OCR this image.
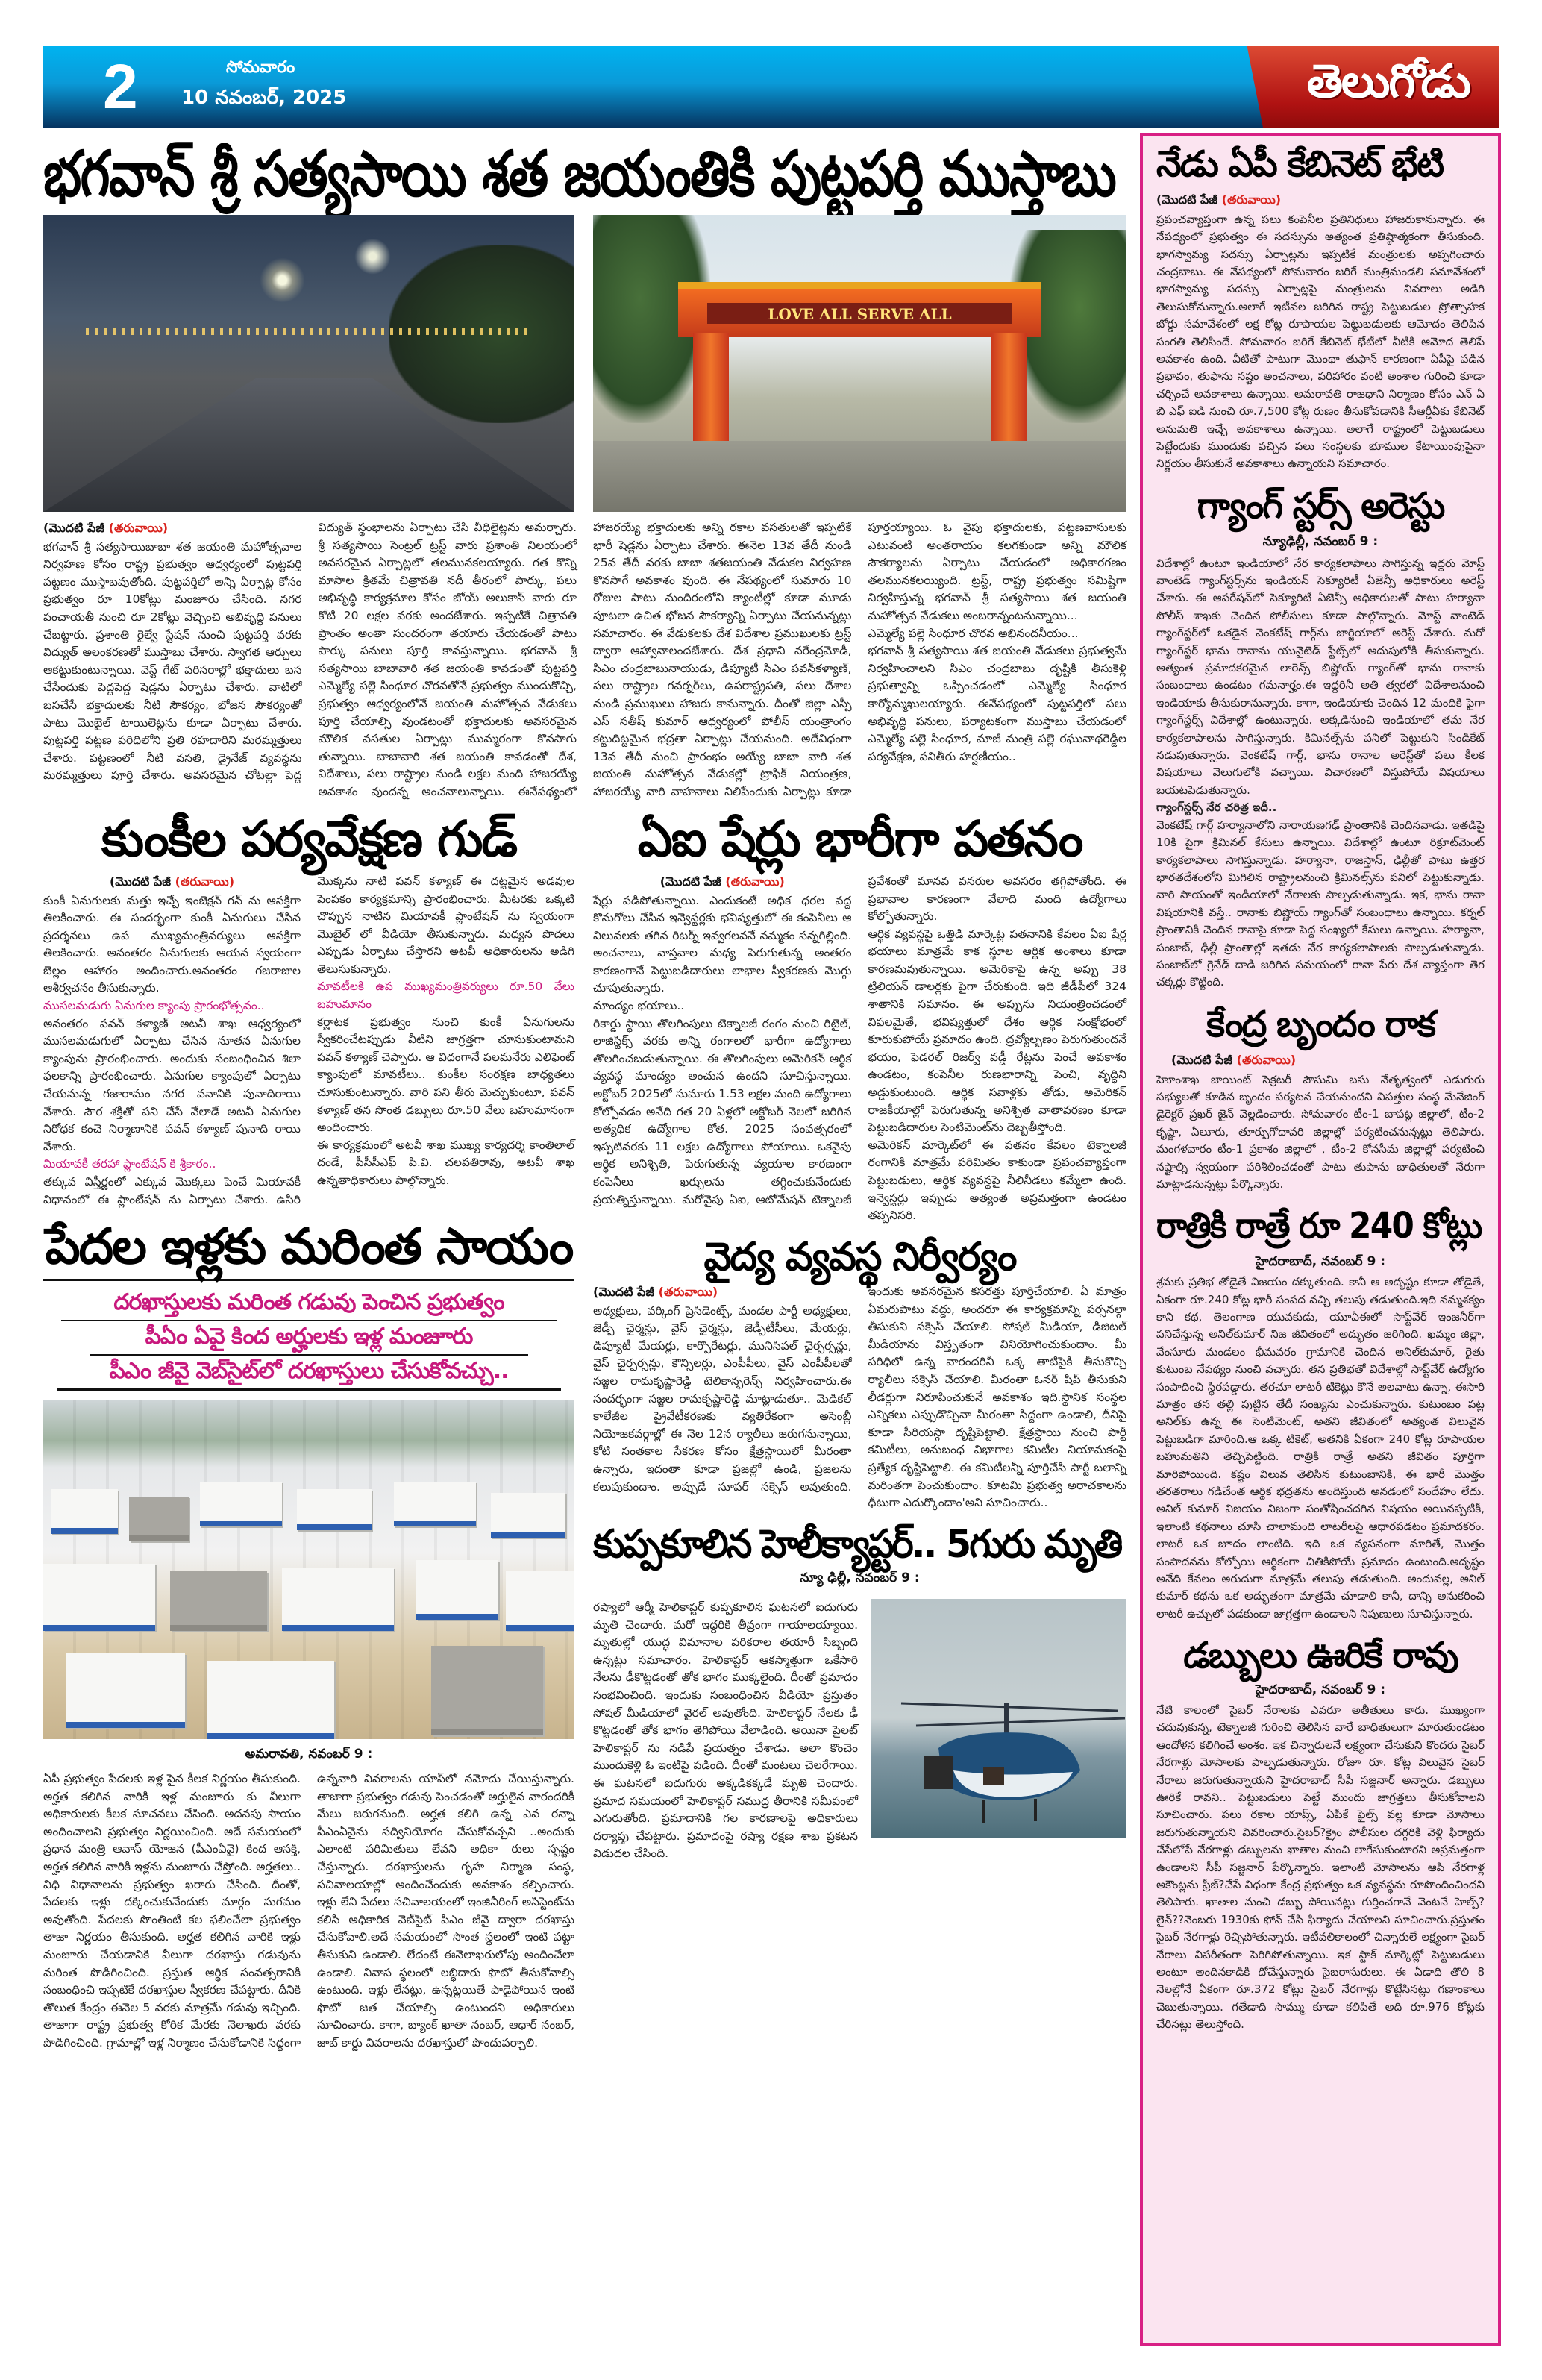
2	సోమవారం
10 నవంబర్, 2025	తెలుగోడు
భగవాన్ శ్రీ సత్యసాయి శత జయంతికి పుట్టపర్తి ముస్తాబు
LOVE ALL SERVE ALL
(మొదటి పేజీ (తరువాయి)

భగవాన్ శ్రీ సత్యసాయిబాబా శత జయంతి మహోత్సవాల నిర్వహణ కోసం రాష్ట్ర ప్రభుత్వం ఆధ్వర్యంలో పుట్టపర్తి పట్టణం ముస్తాబవుతోంది. పుట్టపర్తిలో అన్ని ఏర్పాట్ల కోసం ప్రభుత్వం రూ 10కోట్లు మంజూరు చేసింది. నగర పంచాయతీ నుంచి రూ 2కోట్లు వెచ్చించి అభివృద్ధి పనులు చేబట్టారు. ప్రశాంతి రైల్వే స్టేషన్ నుంచి పుట్టపర్తి వరకు విద్యుత్ అలంకరణతో ముస్తాబు చేశారు. స్వాగత ఆర్చులు ఆకట్టుకుంటున్నాయి. వెస్ట్ గేట్ పరిసరాల్లో భక్తాదులు బస చేసేందుకు పెద్దపెద్ద షెడ్లను ఏర్పాటు చేశారు. వాటిలో బసచేసే భక్తాదులకు నీటి సౌకర్యం, భోజన సౌకర్యంతో పాటు మొబైల్ టాయిలెట్లను కూడా ఏర్పాటు చేశారు. పుట్టపర్తి పట్టణ పరిధిలోని ప్రతి రహదారిని మరమ్మత్తులు చేశారు. పట్టణంలో నీటి వసతి, డ్రైనేజ్ వ్యవస్థను మరమ్మత్తులు పూర్తి చేశారు. అవసరమైన చోటల్లా పెద్ద విద్యుత్ స్థంభాలను ఏర్పాటు చేసి వీధిలైట్లను అమర్చారు. శ్రీ సత్యసాయి సెంట్రల్ ట్రస్ట్ వారు ప్రశాంతి నిలయంలో అవసరమైన ఏర్పాట్లలో తలమునకలయ్యారు. గత కొన్ని మాసాల క్రితమే చిత్రావతి నదీ తీరంలో పార్కు, పలు అభివృద్ధి కార్యక్రమాల కోసం జోయ్ అలుకాస్ వారు రూ కోటి 20 లక్షల వరకు అందజేశారు. ఇప్పటికే చిత్రావతి ప్రాంతం అంతా సుందరంగా తయారు చేయడంతో పాటు పార్కు పనులు పూర్తి కావస్తున్నాయి. భగవాన్ శ్రీ సత్యసాయి బాబావారి శత జయంతి కావడంతో పుట్టపర్తి ఎమ్మెల్యే పల్లె సింధూర చొరవతోనే ప్రభుత్వం ముందుకొచ్చి, ప్రభుత్వం ఆధ్వర్యంలోనే జయంతి మహోత్సవ వేడుకలు పూర్తి చేయాల్సి వుండటంతో భక్తాదులకు అవసరమైన మౌలిక వసతుల ఏర్పాట్లు ముమ్మరంగా కొనసాగు తున్నాయి. బాబావారి శత జయంతి కావడంతో దేశ, విదేశాలు, పలు రాష్ట్రాల నుండి లక్షల మంది హాజరయ్యే అవకాశం వుందన్న అంచనాలున్నాయి. ఈనేపథ్యంలో హాజరయ్యే భక్తాదులకు అన్ని రకాల వసతులతో ఇప్పటికే భారీ షెడ్లను ఏర్పాటు చేశారు. ఈనెల 13వ తేదీ నుండి 25వ తేదీ వరకు బాబా శతజయంతి వేడుకల నిర్వహణ కొనసాగే అవకాశం వుంది. ఈ నేపథ్యంలో సుమారు 10 రోజుల పాటు మందిరంలోని క్యాంటీల్లో కూడా మూడు పూటలా ఉచిత భోజన సౌకర్యాన్ని ఏర్పాటు చేయనున్నట్లు సమాచారం. ఈ వేడుకలకు దేశ విదేశాల ప్రముఖులకు ట్రస్ట్ ద్వారా ఆహ్వానాలందజేశారు. దేశ ప్రధాని నరేంద్రమోడీ, సిఎం చంద్రబాబునాయుడు, డిప్యూటీ సిఎం పవన్‌కళ్యాణ్, పలు రాష్ట్రాల గవర్నర్‌లు, ఉపరాష్ట్రపతి, పలు దేశాల నుండి ప్రముఖులు హాజరు కానున్నారు. దీంతో జిల్లా ఎస్పీ ఎస్ సతీష్ కుమార్ ఆధ్వర్యంలో పోలీస్ యంత్రాంగం కట్టుదిట్టమైన భద్రతా ఏర్పాట్లు చేయనుంది. అదేవిధంగా 13వ తేదీ నుంచి ప్రారంభం అయ్యే బాబా వారి శత జయంతి మహోత్సవ వేడుకల్లో ట్రాఫిక్ నియంత్రణ, హాజరయ్యే వారి వాహనాలు నిలిపేందుకు ఏర్పాట్లు కూడా పూర్తయ్యాయి. ఓ వైపు భక్తాదులకు, పట్టణవాసులకు ఎటువంటి అంతరాయం కలగకుండా అన్ని మౌలిక సౌకర్యాలను ఏర్పాటు చేయడంలో అధికారగణం తలమునకలయ్యింది. ట్రస్ట్, రాష్ట్ర ప్రభుత్వం సమిష్టిగా నిర్వహిస్తున్న భగవాన్ శ్రీ సత్యసాయి శత జయంతి మహోత్సవ వేడుకలు అంబరాన్నంటనున్నాయి...

ఎమ్మెల్యే పల్లె సింధూర చొరవ అభినందనీయం...

భగవాన్ శ్రీ సత్యసాయి శత జయంతి వేడుకలు ప్రభుత్వమే నిర్వహించాలని సిఎం చంద్రబాబు దృష్టికి తీసుకెళ్లి ప్రభుత్వాన్ని ఒప్పించడంలో ఎమ్మెల్యే సింధూర కార్యోన్ముఖులయ్యారు. ఈనేపథ్యంలో పుట్టపర్తిలో పలు అభివృద్ధి పనులు, పర్యాటకంగా ముస్తాబు చేయడంలో ఎమ్మెల్యే పల్లె సింధూర, మాజీ మంత్రి పల్లె రఘునాథరెడ్డిల పర్యవేక్షణ, పనితీరు హర్షణీయం..

కుంకీల పర్యవేక్షణ గుడ్
(మొదటి పేజీ (తరువాయి)

కుంకీ ఏనుగులకు మత్తు ఇచ్చే ఇంజెక్షన్ గన్ ను ఆసక్తిగా తిలకించారు. ఈ సందర్భంగా కుంకీ ఏనుగులు చేసిన ప్రదర్శనలు ఉప ముఖ్యమంత్రివర్యులు ఆసక్తిగా తిలకించారు. అనంతరం ఏనుగులకు ఆయన స్వయంగా బెల్లం ఆహారం అందించారు.అనంతరం గజరాజుల ఆశీర్వచనం తీసుకున్నారు.

ముసలమడుగు ఏనుగుల క్యాంపు ప్రారంభోత్సవం..

అనంతరం పవన్ కళ్యాణ్ అటవీ శాఖ ఆధ్వర్యంలో ముసలమడుగులో ఏర్పాటు చేసిన నూతన ఏనుగుల క్యాంపును ప్రారంభించారు. అందుకు సంబంధించిన శిలా ఫలకాన్ని ప్రారంభించారు. ఏనుగుల క్యాంపులో ఏర్పాటు చేయనున్న గజారామం నగర వనానికి పునాదిరాయి వేశారు. సౌర శక్తితో పని చేసే వేలాడే అటవీ ఏనుగుల నిరోధక కంచె నిర్మాణానికి పవన్ కళ్యాణ్ పునాది రాయి వేశారు.

మియావకీ తరహా ప్లాంటేషన్ కి శ్రీకారం..

తక్కువ విస్తీర్ణంలో ఎక్కువ మొక్కలు పెంచే మియావకీ విధానంలో ఈ ప్లాంటేషన్ ను ఏర్పాటు చేశారు. ఉసిరి మొక్కను నాటి పవన్ కళ్యాణ్ ఈ దట్టమైన అడవుల పెంపకం కార్యక్రమాన్ని ప్రారంభించారు. మీటరకు ఒక్కటి చొప్పున నాటిన మియావకీ ప్లాంటేషన్ ను స్వయంగా మొబైల్ లో వీడియో తీసుకున్నారు. మధ్యన పొదలు ఎప్పుడు ఏర్పాటు చేస్తారని అటవీ అధికారులను అడిగి తెలుసుకున్నారు.

మావటీలకి ఉప ముఖ్యమంత్రివర్యులు రూ.50 వేలు బహుమానం

కర్ణాటక ప్రభుత్వం నుంచి కుంకీ ఏనుగులను స్వీకరించేటప్పుడు వీటిని జాగ్రత్తగా చూసుకుంటామని పవన్ కళ్యాణ్ చెప్పారు. ఆ విధంగానే పలమనేరు ఎలిఫెంట్ క్యాంపులో మావటీలు.. కుంకీల సంరక్షణ బాధ్యతలు చూసుకుంటున్నారు. వారి పని తీరు మెచ్చుకుంటూ, పవన్ కళ్యాణ్ తన సొంత డబ్బులు రూ.50 వేలు బహుమానంగా అందించారు.

ఈ కార్యక్రమంలో అటవీ శాఖ ముఖ్య కార్యదర్శి కాంతిలాల్ దండే, పీసీసీఎఫ్ పి.వి. చలపతిరావు, అటవీ శాఖ ఉన్నతాధికారులు పాల్గొన్నారు.

పేదల ఇళ్లకు మరింత సాయం
దరఖాస్తులకు మరింత గడువు పెంచిన ప్రభుత్వం
పీఏం ఏవై కింద అర్హులకు ఇళ్ల మంజూరు
పీఎం జీవై వెబ్‌సైట్‌లో దరఖాస్తులు చేసుకోవచ్చు..
అమరావతి, నవంబర్ 9 :

ఏపీ ప్రభుత్వం పేదలకు ఇళ్ల పైన కీలక నిర్ణయం తీసుకుంది. అర్హత కలిగిన వారికి ఇళ్ల మంజూరు కు వీలుగా అధికారులకు కీలక సూచనలు చేసింది. అదనపు సాయం అందించాలని ప్రభుత్వం నిర్ణయించింది. అదే సమయంలో ప్రధాన మంత్రి ఆవాస్ యోజన (పీఎంఏవై) కింద ఆసక్తి, అర్హత కలిగిన వారికి ఇళ్లను మంజూరు చేస్తోంది. అర్హతలు.. విధి విధానాలను ప్రభుత్వం ఖరారు చేసింది. దీంతో, పేదలకు ఇళ్లు దక్కించుకునేందుకు మార్గం సుగమం అవుతోంది. పేదలకు సొంతింటి కల ఫలించేలా ప్రభుత్వం తాజా నిర్ణయం తీసుకుంది. అర్హత కలిగిన వారికి ఇళ్లు మంజూరు చేయడానికి వీలుగా దరఖాస్తు గడువును మరింత పొడిగించింది. ప్రస్తుత ఆర్థిక సంవత్సరానికి సంబంధించి ఇప్పటికే దరఖాస్తుల స్వీకరణ చేపట్టారు. దీనికి తొలుత కేంద్రం ఈనెల 5 వరకు మాత్రమే గడువు ఇచ్చింది. తాజాగా రాష్ట్ర ప్రభుత్వ కోరిక మేరకు నెలాఖరు వరకు పొడిగించింది. గ్రామాల్లో ఇళ్ల నిర్మాణం చేసుకోడానికి సిద్ధంగా ఉన్నవారి వివరాలను యాప్‌లో నమోదు చేయిస్తున్నారు. తాజాగా ప్రభుత్వం గడువు పెంచడంతో అర్హులైన వారందరికీ మేలు జరుగనుంది. అర్హత కలిగి ఉన్న ఎవ రన్నా పీఎంఏవైను సద్వినియోగం చేసుకోవచ్చని ..అందుకు ఎలాంటి పరిమితులు లేవని అధికా రులు స్పష్టం చేస్తున్నారు. దరఖాస్తులను గృహ నిర్మాణ సంస్థ, సచివాలయాల్లో అందించేందుకు అవకాశం కల్పించారు. ఇళ్లు లేని పేదలు సచివాలయంలో ఇంజినీరింగ్ అసిస్టెంట్‌ను కలిసి అధికారిక వెబ్‌సైట్ పిఎం జీవై ద్వారా దరఖాస్తు చేసుకోవాలి.అదే సమయంలో సొంత స్థలంలో ఇంటి పట్టా తీసుకుని ఉండాలి. లేదంటే ఈనెలాఖరులోపు అందించేలా ఉండాలి. నివాస స్థలంలో లబ్ధిదారు ఫొటో తీసుకోవాల్సి ఉంటుంది. ఇళ్లు లేనట్లు, ఉన్నట్లయితే పాడైపోయిన ఇంటి ఫొటో జత చేయాల్సి ఉంటుందని అధికారులు సూచించారు. కాగా, బ్యాంక్ ఖాతా నంబర్, ఆధార్ నంబర్, జాబ్ కార్డు వివరాలను దరఖాస్తులో పొందుపర్చాలి.

ఏఐ షేర్లు భారీగా పతనం
(మొదటి పేజీ (తరువాయి)

షేర్లు పడిపోతున్నాయి. ఎందుకంటే అధిక ధరల వద్ద కొనుగోలు చేసిన ఇన్వెస్టర్లకు భవిష్యత్తులో ఈ కంపెనీలు ఆ విలువలకు తగిన రిటర్న్ ఇవ్వగలవనే నమ్మకం సన్నగిల్లింది. అంచనాలు, వాస్తవాల మధ్య పెరుగుతున్న అంతరం కారణంగానే పెట్టుబడిదారులు లాభాల స్వీకరణకు మొగ్గు చూపుతున్నారు.

మాంద్యం భయాలు..

రికార్డు స్థాయి తొలగింపులు టెక్నాలజీ రంగం నుంచి రిటైల్, లాజిస్టిక్స్ వరకు అన్ని రంగాలలో భారీగా ఉద్యోగాలు తొలగించబడుతున్నాయి. ఈ తొలగింపులు అమెరికన్ ఆర్థిక వ్యవస్థ మాంద్యం అంచున ఉందని సూచిస్తున్నాయి. అక్టోబర్ 2025లో సుమారు 1.53 లక్షల మంది ఉద్యోగాలు కోల్పోవడం అనేది గత 20 ఏళ్లలో అక్టోబర్ నెలలో జరిగిన అత్యధిక ఉద్యోగాల కోత. 2025 సంవత్సరంలో ఇప్పటివరకు 11 లక్షల ఉద్యోగాలు పోయాయి. ఒకవైపు ఆర్థిక అనిశ్చితి, పెరుగుతున్న వ్యయాల కారణంగా కంపెనీలు ఖర్చులను తగ్గించుకునేందుకు ప్రయత్నిస్తున్నాయి. మరోవైపు ఏఐ, ఆటోమేషన్ టెక్నాలజీ ప్రవేశంతో మానవ వనరుల అవసరం తగ్గిపోతోంది. ఈ ప్రభావాల కారణంగా వేలాది మంది ఉద్యోగాలు కోల్పోతున్నారు.

ఆర్థిక వ్యవస్థపై ఒత్తిడి మార్కెట్ల పతనానికి కేవలం ఏఐ షేర్ల భయాలు మాత్రమే కాక స్థూల ఆర్థిక అంశాలు కూడా కారణమవుతున్నాయి. అమెరికాపై ఉన్న అప్పు 38 ట్రిలియన్ డాలర్లకు పైగా చేరుకుంది. ఇది జీడీపీలో 324 శాతానికి సమానం. ఈ అప్పును నియంత్రించడంలో విఫలమైతే, భవిష్యత్తులో దేశం ఆర్థిక సంక్షోభంలో కూరుకుపోయే ప్రమాదం ఉంది. ద్రవ్యోల్బణం పెరుగుతుందనే భయం, ఫెడరల్ రిజర్వ్ వడ్డీ రేట్లను పెంచే అవకాశం ఉండటం, కంపెనీల రుణభారాన్ని పెంచి, వృద్ధిని అడ్డుకుంటుంది. ఆర్థిక సవాళ్లకు తోడు, అమెరికన్ రాజకీయాల్లో పెరుగుతున్న అనిశ్చిత వాతావరణం కూడా పెట్టుబడిదారుల సెంటిమెంట్‌ను దెబ్బతీస్తోంది.

అమెరికన్ మార్కెట్‌లో ఈ పతనం కేవలం టెక్నాలజీ రంగానికి మాత్రమే పరిమితం కాకుండా ప్రపంచవ్యాప్తంగా పెట్టుబడులు, ఆర్థిక వ్యవస్థపై నీలినీడలు కమ్మేలా ఉంది. ఇన్వెస్టర్లు ఇప్పుడు అత్యంత అప్రమత్తంగా ఉండటం తప్పనిసరి.

వైద్య వ్యవస్థ నిర్వీర్యం
(మొదటి పేజీ (తరువాయి)

అధ్యక్షులు, వర్కింగ్ ప్రెసిడెంట్స్, మండల పార్టీ అధ్యక్షులు, జెడ్పీ ఛైర్మన్లు, వైస్ ఛైర్మన్లు, జెడ్పీటీసీలు, మేయర్లు, డిప్యూటీ మేయర్లు, కార్పొరేటర్లు, మునిసిపల్ ఛైర్పర్సన్లు, వైస్ ఛైర్పర్సన్లు, కౌన్సిలర్లు, ఎంపీపీలు, వైస్ ఎంపీపీలతో సజ్జల రామకృష్ణారెడ్డి టెలికాన్ఫరెన్స్ నిర్వహించారు.ఈ సందర్భంగా సజ్జల రామకృష్ణారెడ్డి మాట్లాడుతూ.. మెడికల్ కాలేజీల ప్రైవేటీకరణకు వ్యతిరేకంగా అసెంబ్లీ నియోజకవర్గాల్లో ఈ నెల 12న ర్యాలీలు జరుగనున్నాయి, కోటి సంతకాల సేకరణ కోసం క్షేత్రస్థాయిలో మీరంతా ఉన్నారు, ఇదంతా కూడా ప్రజల్లో ఉండి, ప్రజలను కలుపుకుందాం. అప్పుడే సూపర్ సక్సెస్ అవుతుంది. ఇందుకు అవసరమైన కసరత్తు పూర్తిచేయాలి. ఏ మాత్రం ఏమరుపాటు వద్దు, అందరూ ఈ కార్యక్రమాన్ని పర్సనల్గా తీసుకుని సక్సెస్ చేయాలి. సోషల్ మీడియా, డిజిటల్ మీడియాను విస్తృతంగా వినియోగించుకుందాం. మీ పరిధిలో ఉన్న వారందరినీ ఒక్క తాటిపైకి తీసుకొచ్చి ర్యాలీలు సక్సెస్ చేయాలి. మీరంతా ఓనర్ షిప్ తీసుకుని లీడర్లుగా నిరూపించుకునే అవకాశం ఇది.స్థానిక సంస్థల ఎన్నికలు ఎప్పుడొచ్చినా మీరంతా సిద్దంగా ఉండాలి, దీనిపై కూడా సీరియస్గా దృష్టిపెట్టాలి. క్షేత్రస్థాయి నుంచి పార్టీ కమిటీలు, అనుబంధ విభాగాల కమిటీల నియామకంపై ప్రత్యేక దృష్టిపెట్టాలి. ఈ కమిటీలన్నీ పూర్తిచేసి పార్టీ బలాన్ని మరింతగా పెంచుకుందాం. కూటమి ప్రభుత్వ అరాచకాలను ధీటుగా ఎదుర్కొందాం'అని సూచించారు..

కుప్పకూలిన హెలీక్యాప్టర్.. 5గురు మృతి
న్యూ ఢిల్లీ, నవంబర్ 9 :

రష్యాలో ఆర్మీ హెలికాప్టర్ కుప్పకూలిన ఘటనలో ఐదుగురు మృతి చెందారు. మరో ఇద్దరికి తీవ్రంగా గాయాలయ్యాయి. మృతుల్లో యుద్ధ విమానాల పరికరాల తయారీ సిబ్బంది ఉన్నట్లు సమాచారం. హెలికాప్టర్ ఆకస్మాత్తుగా ఒకేసారి నేలను ఢీకొట్టడంతో తోక భాగం ముక్కలైంది. దీంతో ప్రమాదం సంభవించింది. ఇందుకు సంబంధించిన వీడియో ప్రస్తుతం సోషల్ మీడియాలో వైరల్ అవుతోంది. హెలికాప్టర్ నేలకు ఢీ కొట్టడంతో తోక భాగం తెగిపోయి వేలాడింది. అయినా పైలట్ హెలికాప్టర్ ను నడిపే ప్రయత్నం చేశాడు. అలా కొంచెం ముందుకెళ్లి ఓ ఇంటిపై పడింది. దీంతో మంటలు చెలరేగాయి. ఈ ఘటనలో ఐదుగురు అక్కడికక్కడే మృతి చెందారు. ప్రమాద సమయంలో హెలికాప్టర్ సముద్ర తీరానికి సమీపంలో ఎగురుతోంది. ప్రమాదానికి గల కారణాలపై అధికారులు దర్యాప్తు చేపట్టారు. ప్రమాదంపై రష్యా రక్షణ శాఖ ప్రకటన విడుదల చేసింది.

నేడు ఏపీ కేబినెట్ భేటి
(మొదటి పేజీ (తరువాయి)

ప్రపంచవ్యాప్తంగా ఉన్న పలు కంపెనీల ప్రతినిధులు హాజరుకానున్నారు. ఈ నేపథ్యంలో ప్రభుత్వం ఈ సదస్సును అత్యంత ప్రతిష్ఠాత్మకంగా తీసుకుంది. భాగస్వామ్య సదస్సు ఏర్పాట్లను ఇప్పటికే మంత్రులకు అప్పగించారు చంద్రబాబు. ఈ నేపథ్యంలో సోమవారం జరిగే మంత్రిమండలి సమావేశంలో భాగస్వామ్య సదస్సు ఏర్పాట్లపై మంత్రులను వివరాలు అడిగి తెలుసుకోనున్నారు.అలాగే ఇటీవల జరిగిన రాష్ట్ర పెట్టుబడుల ప్రోత్సాహక బోర్డు సమావేశంలో లక్ష కోట్ల రూపాయల పెట్టుబడులకు ఆమోదం తెలిపిన సంగతి తెలిసిందే. సోమవారం జరిగే కేబినెట్ భేటీలో వీటికి ఆమోద తెలిపే అవకాశం ఉంది. వీటితో పాటుగా మొంథా తుఫాన్ కారణంగా ఏపీపై పడిన ప్రభావం, తుఫాను నష్టం అంచనాలు, పరిహారం వంటి అంశాల గురించి కూడా చర్చించే అవకాశాలు ఉన్నాయి. అమరావతి రాజధాని నిర్మాణం కోసం ఎన్ ఏ బి ఎఫ్ ఐడి నుంచి రూ.7,500 కోట్ల రుణం తీసుకోవడానికి సీఆర్డీఏకు కేబినెట్ అనుమతి ఇచ్చే అవకాశాలు ఉన్నాయి. అలాగే రాష్ట్రంలో పెట్టుబడులు పెట్టేందుకు ముందుకు వచ్చిన పలు సంస్థలకు భూముల కేటాయింపుపైనా నిర్ణయం తీసుకునే అవకాశాలు ఉన్నాయని సమాచారం.

గ్యాంగ్ స్టర్స్ అరెస్టు
న్యూఢిల్లీ, నవంబర్ 9 :

విదేశాల్లో ఉంటూ ఇండియాలో నేర కార్యకలాపాలు సాగిస్తున్న ఇద్దరు మోస్ట్ వాంటెడ్ గ్యాంగ్‌స్టర్స్‌ను ఇండియన్ సెక్యూరిటీ ఏజెన్సీ అధికారులు అరెస్ట్ చేశారు. ఈ ఆపరేషన్‌లో సెక్యూరిటీ ఏజెన్సీ అధికారులతో పాటు హర్యానా పోలీస్ శాఖకు చెందిన పోలీసులు కూడా పాల్గొన్నారు. మోస్ట్ వాంటెడ్ గ్యాంగ్‌స్టర్‌లో ఒకడైన వెంకటేష్ గార్గ్‌ను జార్జియాలో అరెస్ట్ చేశారు. మరో గ్యాంగ్‌స్టర్ భాను రానాను యునైటెడ్ స్టేట్స్‌లో అదుపులోకి తీసుకున్నారు. అత్యంత ప్రమాదకరమైన లారెన్స్ బిష్ణోయ్ గ్యాంగ్‌తో భాను రానాకు సంబంధాలు ఉండటం గమనార్హం.ఈ ఇద్దరినీ అతి త్వరలో విదేశాలనుంచి ఇండియాకు తీసుకురానున్నారు. కాగా, ఇండియాకు చెందిన 12 మందికి పైగా గ్యాంగ్‌స్టర్స్ విదేశాల్లో ఉంటున్నారు. అక్కడినుంచి ఇండియాలో తమ నేర కార్యకలాపాలను సాగిస్తున్నారు. కిమినల్స్‌ను పనిలో పెట్టుకుని సిండికేట్ నడుపుతున్నారు. వెంకటేష్ గార్గ్, భాను రానాల అరెస్ట్‌తో పలు కీలక విషయాలు వెలుగులోకి వచ్చాయి. విచారణలో విస్తుపోయే విషయాలు బయటపెడుతున్నారు.

గ్యాంగ్‌స్టర్స్ నేర చరిత్ర ఇదీ..

వెంకటేష్ గార్గ్ హర్యానాలోని నారాయణగఢ్ ప్రాంతానికి చెందినవాడు. ఇతడిపై 10కి పైగా క్రిమినల్ కేసులు ఉన్నాయి. విదేశాల్లో ఉంటూ రిక్రూట్‌మెంట్ కార్యకలాపాలు సాగిస్తున్నాడు. హర్యానా, రాజస్తాన్, ఢిల్లీతో పాటు ఉత్తర భారతదేశంలోని మిగిలిన రాష్ట్రాలనుంచి క్రిమినల్స్‌ను పనిలో పెట్టుకున్నాడు. వారి సాయంతో ఇండియాలో నేరాలకు పాల్పడుతున్నాడు. ఇక, భాను రానా విషయానికి వస్తే.. రానాకు బిష్ణోయ్ గ్యాంగ్‌తో సంబంధాలు ఉన్నాయి. కర్నల్ ప్రాంతానికి చెందిన రానాపై కూడా పెద్ద సంఖ్యలో కేసులు ఉన్నాయి. హర్యానా, పంజాబ్, ఢిల్లీ ప్రాంతాల్లో ఇతడు నేర కార్యకలాపాలకు పాల్పడుతున్నాడు. పంజాబ్‌లో గ్రెనేడ్ దాడి జరిగిన సమయంలో రానా పేరు దేశ వ్యాప్తంగా తెగ చక్కర్లు కొట్టింది.

కేంద్ర బృందం రాక
(మొదటి పేజీ (తరువాయి)

హెూంశాఖ జాయింట్ సెక్రటరీ పౌసుమి బసు నేతృత్వంలో ఎడుగురు సభ్యులతో కూడిన బృందం పర్యటన చేయనుందని విపత్తుల సంస్థ మేనేజింగ్ డైరెక్టర్ ప్రఖర్ జైన్ వెల్లడించారు. సోమవారం టీం-1 బాపట్ల జిల్లాలో, టీం-2 కృష్ణా, ఏలూరు, తూర్పుగోదావరి జిల్లాల్లో పర్యటించనున్నట్లు తెలిపారు. మంగళవారం టీం-1 ప్రకాశం జిల్లాలో , టీం-2 కోనసీమ జిల్లాల్లో పర్యటించి నష్టాల్ని స్వయంగా పరిశీలించడంతో పాటు తుపాను బాధితులతో నేరుగా మాట్లాడనున్నట్లు పేర్కొన్నారు.

రాత్రికి రాత్రే రూ 240 కోట్లు
హైదరాబాద్, నవంబర్ 9 :

శ్రమకు ప్రతిభ తోడైతే విజయం దక్కుతుంది. కానీ ఆ అదృష్టం కూడా తోడైతే, ఏకంగా రూ.240 కోట్ల భారీ సంపద వచ్చి తలుపు తడుతుంది.ఇది నమ్మశక్యం కాని కథ, తెలంగాణ యువకుడు, యూఏఈలో సాఫ్ట్‌వేర్ ఇంజనీర్‌గా పనిచేస్తున్న అనిల్‌కుమార్ నిజ జీవితంలో అద్భుతం జరిగింది. ఖమ్మం జిల్లా, వేంసూరు మండలం భీమవరం గ్రామానికి చెందిన అనిల్‌కుమార్, రైతు కుటుంబ నేపథ్యం నుంచి వచ్చారు. తన ప్రతిభతో విదేశాల్లో సాఫ్ట్‌వేర్ ఉద్యోగం సంపాదించి స్థిరపడ్డారు. తరచూ లాటరీ టికెట్లు కొనే అలవాటు ఉన్నా, ఈసారి మాత్రం తన తల్లి పుట్టిన తేదీ సంఖ్యను ఎంచుకున్నారు. కుటుంబం పట్ల అనిల్‌కు ఉన్న ఈ సెంటిమెంట్, అతని జీవితంలో అత్యంత విలువైన పెట్టుబడిగా మారింది.ఆ ఒక్క టికెట్, అతనికి ఏకంగా 240 కోట్ల రూపాయల బహుమతిని తెచ్చిపెట్టింది. రాత్రికి రాత్రే అతని జీవితం పూర్తిగా మారిపోయింది. కష్టం విలువ తెలిసిన కుటుంబానికి, ఈ భారీ మొత్తం తరతరాలు గడిచేంత ఆర్థిక భద్రతను అందిస్తుంది అనడంలో సందేహం లేదు. అనిల్ కుమార్ విజయం నిజంగా సంతోషించదగిన విషయం అయినప్పటికీ, ఇలాంటి కథనాలు చూసి చాలామంది లాటరీలపై ఆధారపడటం ప్రమాదకరం. లాటరీ ఒక జూదం లాంటిది. ఇది ఒక వ్యసనంగా మారితే, మొత్తం సంపాదనను కోల్పోయి ఆర్థికంగా చితికిపోయే ప్రమాదం ఉంటుంది.అదృష్టం అనేది కేవలం అరుదుగా మాత్రమే తలుపు తడుతుంది. అందువల్ల, అనిల్ కుమార్ కథను ఒక అద్భుతంగా మాత్రమే చూడాలి కానీ, దాన్ని అనుకరించి లాటరీ ఉచ్చులో పడకుండా జాగ్రత్తగా ఉండాలని నిపుణులు సూచిస్తున్నారు.

డబ్బులు ఊరికే రావు
హైదరాబాద్, నవంబర్ 9 :

నేటి కాలంలో సైబర్ నేరాలకు ఎవరూ అతీతులు కారు. ముఖ్యంగా చదువుకున్న, టెక్నాలజీ గురించి తెలిసిన వారే బాధితులుగా మారుతుండటం ఆందోళన కలిగించే అంశం. ఇక చిన్నారులనే లక్ష్యంగా చేసుకుని కొందరు సైబర్ నేరగాళ్లు మోసాలకు పాల్పడుతున్నారు. రోజూ రూ. కోట్ల విలువైన సైబర్ నేరాలు జరుగుతున్నాయని హైదరాబాద్ సీపీ సజ్జనార్ అన్నారు. డబ్బులు ఊరికే రావని.. పెట్టుబడులు పెట్టే ముందు జాగ్రత్తలు తీసుకోవాలని సూచించారు. పలు రకాల యాప్స్, ఏపీకే ఫైల్స్ వల్ల కూడా మోసాలు జరుగుతున్నాయని వివరించారు.సైబర్?క్రైం పోలీసుల దగ్గరికి వెళ్లి ఫిర్యాదు చేసేలోపే నేరగాళ్లు డబ్బులను ఖాతాల నుంచి లాగేసుకుంటారని అప్రమత్తంగా ఉండాలని సీపీ సజ్జనార్ పేర్కొన్నారు. ఇలాంటి మోసాలను ఆపి నేరగాళ్ల అకౌంట్లను ఫ్రీజ్?చేసే విధంగా కేంద్ర ప్రభుత్వం ఒక వ్యవస్థను రూపొందించిందని తెలిపారు. ఖాతాల నుంచి డబ్బు పోయినట్లు గుర్తించగానే వెంటనే హెల్ప్?లైన్??నెంబరు 1930కు ఫోన్ చేసి ఫిర్యాదు చేయాలని సూచించారు.ప్రస్తుతం సైబర్ నేరగాళ్లు రెచ్చిపోతున్నారు. ఇటీవలికాలంలో చిన్నారులే లక్ష్యంగా సైబర్ నేరాలు విపరీతంగా పెరిగిపోతున్నాయి. ఇక స్టాక్ మార్కెట్లో పెట్టుబడులు అంటూ అందినకాడికి దోచేస్తున్నారు సైబరాసురులు. ఈ ఏడాది తొలి 8 నెలల్లోనే ఏకంగా రూ.372 కోట్లు సైబర్ నేరగాళ్లు కొట్టేసినట్లు గణాంకాలు చెబుతున్నాయి. గతేడాది సొమ్ము కూడా కలిపితే అది రూ.976 కోట్లకు చేరినట్లు తెలుస్తోంది.
